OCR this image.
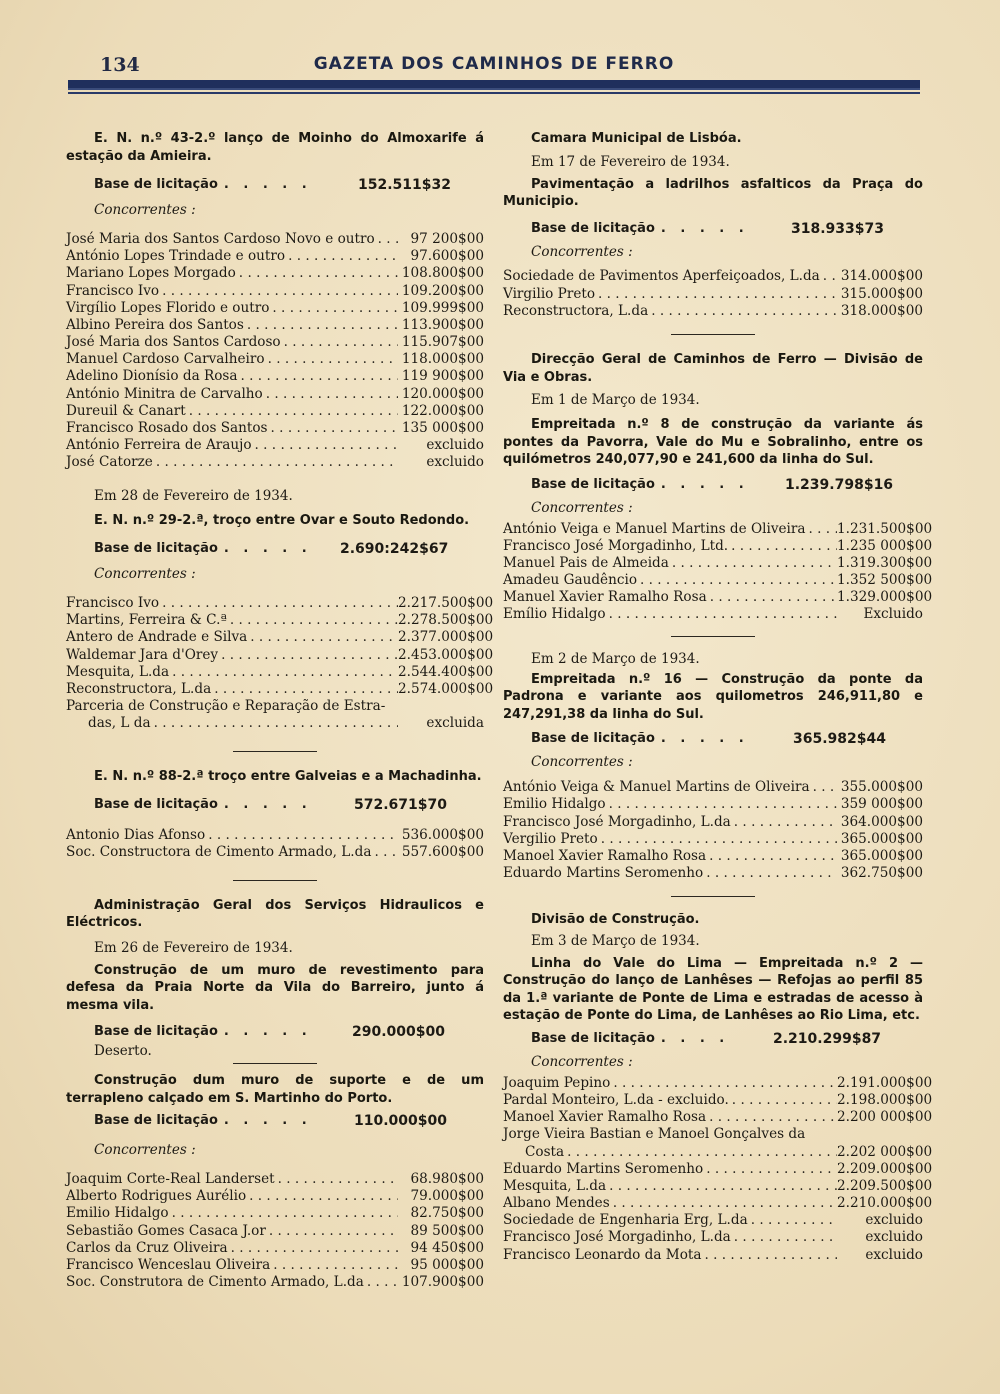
134	GAZETA DOS CAMINHOS DE FERRO
E. N. n.º 43-2.º lanço de Moinho do Almoxarife á estação da Amieira.
Base de licitação . . . . .	152.511$32
Concorrentes :
José Maria dos Santos Cardoso Novo e outro . . .	97 200$00
António Lopes Trindade e outro . . .	97.600$00
Mariano Lopes Morgado . . .	108.800$00
Francisco Ivo . . .	109.200$00
Virgílio Lopes Florido e outro . . .	109.999$00
Albino Pereira dos Santos . . .	113.900$00
José Maria dos Santos Cardoso . . .	115.907$00
Manuel Cardoso Carvalheiro . . .	118.000$00
Adelino Dionísio da Rosa . . .	119 900$00
António Minitra de Carvalho . . .	120.000$00
Dureuil & Canart . . .	122.000$00
Francisco Rosado dos Santos . . .	135 000$00
António Ferreira de Araujo . . .	excluido
José Catorze . . .	excluido
Em 28 de Fevereiro de 1934.
E. N. n.º 29-2.ª, troço entre Ovar e Souto Redondo.
Base de licitação . . . . . 2.690:242$67
Concorrentes :
Francisco Ivo . . .	2.217.500$00
Martins, Ferreira & C.ª . . .	2.278.500$00
Antero de Andrade e Silva . . .	2.377.000$00
Waldemar Jara d'Orey . . .	2.453.000$00
Mesquita, L.da . . .	2.544.400$00
Reconstructora, L.da . . .	2.574.000$00
Parceria de Construção e Reparação de Estra-
das, L da . . .	excluida
E. N. n.º 88-2.ª troço entre Galveias e a Machadinha.
Base de licitação . . . . .	572.671$70
Antonio Dias Afonso . . .	536.000$00
Soc. Constructora de Cimento Armado, L.da . . . 557.600$00
Administração Geral dos Serviços Hidraulicos e Eléctricos.
Em 26 de Fevereiro de 1934.
Construção de um muro de revestimento para defesa da Praia Norte da Vila do Barreiro, junto á mesma vila.
Base de licitação . . . . .	290.000$00
Deserto.
Construção dum muro de suporte e de um terrapleno calçado em S. Martinho do Porto.
Base de licitação . . . . .	110.000$00
Concorrentes :
Joaquim Corte-Real Landerset . . .	68.980$00
Alberto Rodrigues Aurélio . . .	79.000$00
Emilio Hidalgo . . .	82.750$00
Sebastião Gomes Casaca J.or . . .	89 500$00
Carlos da Cruz Oliveira . . .	94 450$00
Francisco Wenceslau Oliveira . . .	95 000$00
Soc. Construtora de Cimento Armado, L.da . . .	107.900$00
Camara Municipal de Lisbóa.
Em 17 de Fevereiro de 1934.
Pavimentação a ladrilhos asfalticos da Praça do Municipio.
Base de licitação . . . . .	318.933$73
Concorrentes :
Sociedade de Pavimentos Aperfeiçoados, L.da . . . 314.000$00
Virgilio Preto . . .	315.000$00
Reconstructora, L.da . . .	318.000$00
Direcção Geral de Caminhos de Ferro — Divisão de Via e Obras.
Em 1 de Março de 1934.
Empreitada n.º 8 de construção da variante ás pontes da Pavorra, Vale do Mu e Sobralinho, entre os quilómetros 240,077,90 e 241,600 da linha do Sul.
Base de licitação . . . . .	1.239.798$16
Concorrentes :
António Veiga e Manuel Martins de Oliveira . . . 1.231.500$00
Francisco José Morgadinho, Ltd. . . .	1.235 000$00
Manuel Pais de Almeida . . .	1.319.300$00
Amadeu Gaudêncio . . .	1.352 500$00
Manuel Xavier Ramalho Rosa . . .	1.329.000$00
Emílio Hidalgo . . .	Excluido
Em 2 de Março de 1934.
Empreitada n.º 16 — Construção da ponte da Padrona e variante aos quilometros 246,911,80 e 247,291,38 da linha do Sul.
Base de licitação . . . . .	365.982$44
Concorrentes :
António Veiga & Manuel Martins de Oliveira . . . 355.000$00
Emilio Hidalgo . . .	359 000$00
Francisco José Morgadinho, L.da . . .	364.000$00
Vergilio Preto . . .	365.000$00
Manoel Xavier Ramalho Rosa . . .	365.000$00
Eduardo Martins Seromenho . . .	362.750$00
Divisão de Construção.
Em 3 de Março de 1934.
Linha do Vale do Lima — Empreitada n.º 2 — Construção do lanço de Lanhêses — Refojas ao perfil 85 da 1.ª variante de Ponte de Lima e estradas de acesso à estação de Ponte do Lima, de Lanhêses ao Rio Lima, etc.
Base de licitação . . . .	2.210.299$87
Concorrentes :
Joaquim Pepino . . .	2.191.000$00
Pardal Monteiro, L.da - excluido. . . .	2.198.000$00
Manoel Xavier Ramalho Rosa . . .	2.200 000$00
Jorge Vieira Bastian e Manoel Gonçalves da
Costa . . .	2.202 000$00
Eduardo Martins Seromenho . . .	2.209.000$00
Mesquita, L.da . . .	2.209.500$00
Albano Mendes . . .	2.210.000$00
Sociedade de Engenharia Erg, L.da . . .	excluido
Francisco José Morgadinho, L.da . . .	excluido
Francisco Leonardo da Mota . . .	excluido
